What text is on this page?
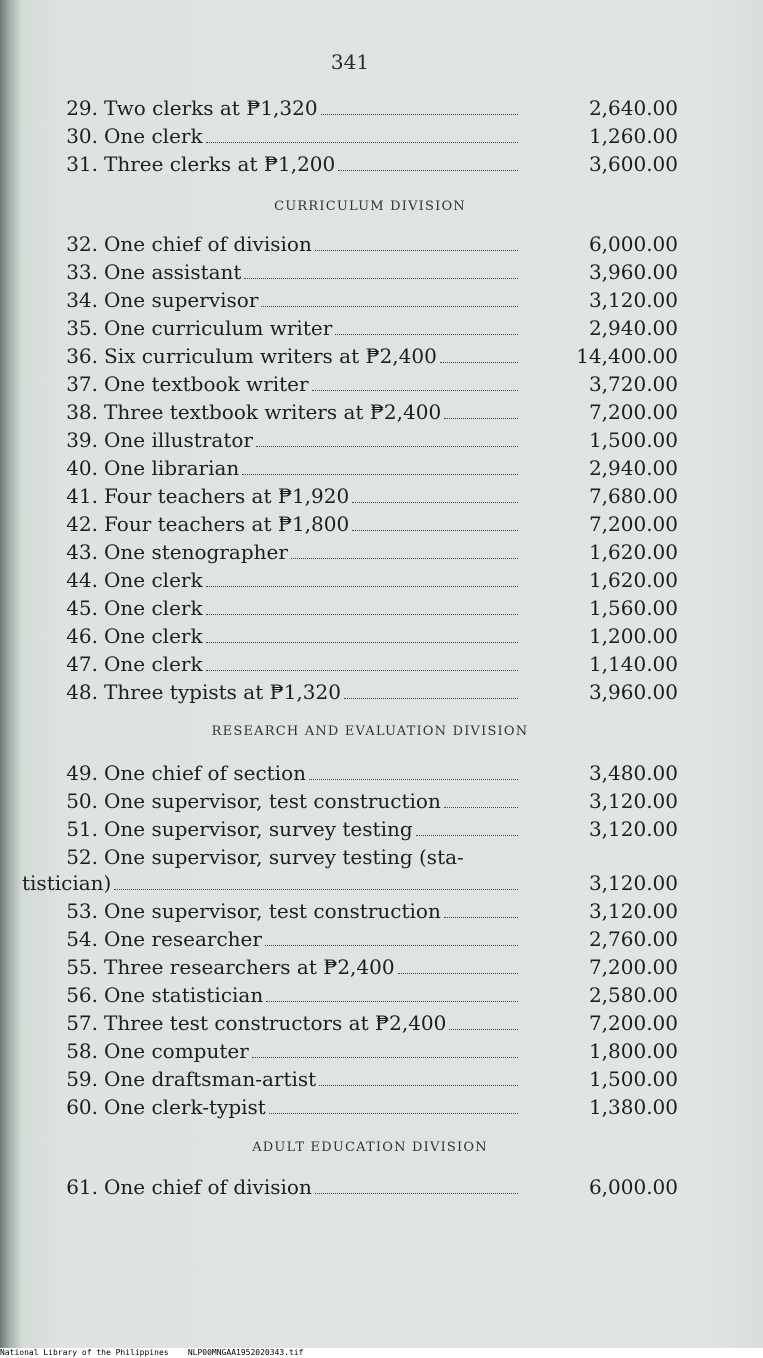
341
29. Two clerks at ₱1,320	2,640.00
30. One clerk	1,260.00
31. Three clerks at ₱1,200	3,600.00
CURRICULUM DIVISION
32. One chief of division	6,000.00
33. One assistant	3,960.00
34. One supervisor	3,120.00
35. One curriculum writer	2,940.00
36. Six curriculum writers at ₱2,400	14,400.00
37. One textbook writer	3,720.00
38. Three textbook writers at ₱2,400	7,200.00
39. One illustrator	1,500.00
40. One librarian	2,940.00
41. Four teachers at ₱1,920	7,680.00
42. Four teachers at ₱1,800	7,200.00
43. One stenographer	1,620.00
44. One clerk	1,620.00
45. One clerk	1,560.00
46. One clerk	1,200.00
47. One clerk	1,140.00
48. Three typists at ₱1,320	3,960.00
RESEARCH AND EVALUATION DIVISION
49. One chief of section	3,480.00
50. One supervisor, test construction	3,120.00
51. One supervisor, survey testing	3,120.00
52. One supervisor, survey testing (sta-
tistician)	3,120.00
53. One supervisor, test construction	3,120.00
54. One researcher	2,760.00
55. Three researchers at ₱2,400	7,200.00
56. One statistician	2,580.00
57. Three test constructors at ₱2,400	7,200.00
58. One computer	1,800.00
59. One draftsman-artist	1,500.00
60. One clerk-typist	1,380.00
ADULT EDUCATION DIVISION
61. One chief of division	6,000.00
National Library of the Philippines NLP00MNGAA1952020343.tif
